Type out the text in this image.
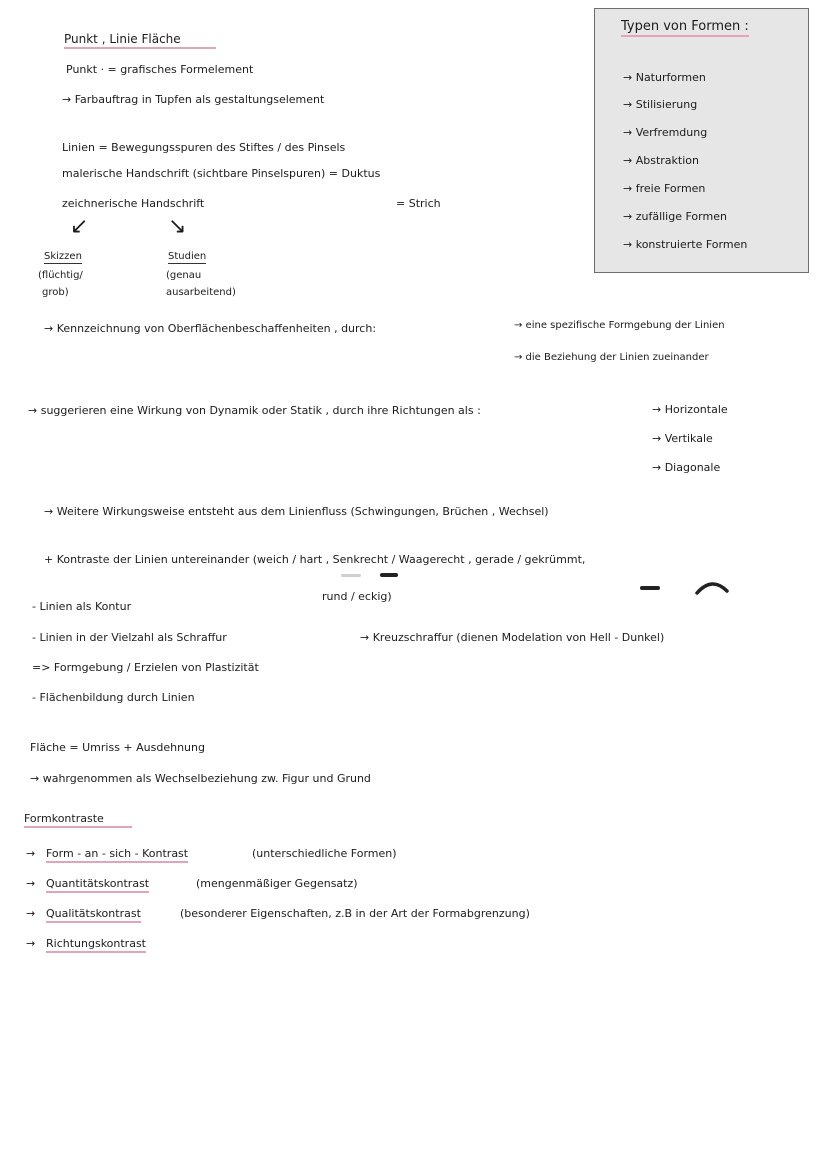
Punkt , Linie Fläche
Punkt · = grafisches Formelement
→ Farbauftrag in Tupfen als gestaltungselement
Linien = Bewegungsspuren des Stiftes / des Pinsels
malerische Handschrift (sichtbare Pinselspuren) = Duktus
zeichnerische Handschrift	= Strich
↙	↘
Skizzen
(flüchtig/
grob)
Studien
(genau
ausarbeitend)
→ Kennzeichnung von Oberflächenbeschaffenheiten , durch:	→ eine spezifische Formgebung der Linien
→ die Beziehung der Linien zueinander
→ suggerieren eine Wirkung von Dynamik oder Statik , durch ihre Richtungen als :	→ Horizontale
→ Vertikale
→ Diagonale
→ Weitere Wirkungsweise entsteht aus dem Linienfluss (Schwingungen, Brüchen , Wechsel)
+ Kontraste der Linien untereinander (weich / hart , Senkrecht / Waagerecht , gerade / gekrümmt,
rund / eckig)
- Linien als Kontur
- Linien in der Vielzahl als Schraffur	→ Kreuzschraffur (dienen Modelation von Hell - Dunkel)
=> Formgebung / Erzielen von Plastizität
- Flächenbildung durch Linien
Fläche = Umriss + Ausdehnung
→ wahrgenommen als Wechselbeziehung zw. Figur und Grund
Formkontraste
→ Form - an - sich - Kontrast	(unterschiedliche Formen)
→ Quantitätskontrast	(mengenmäßiger Gegensatz)
→ Qualitätskontrast	(besonderer Eigenschaften, z.B in der Art der Formabgrenzung)
→ Richtungskontrast
Typen von Formen :
→ Naturformen
→ Stilisierung
→ Verfremdung
→ Abstraktion
→ freie Formen
→ zufällige Formen
→ konstruierte Formen
